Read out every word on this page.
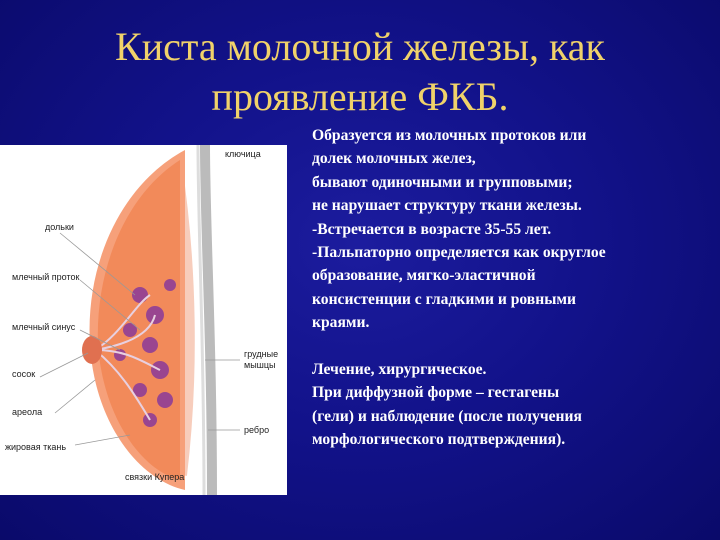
Киста молочной железы, как
проявление ФКБ.
ключица
дольки
млечный проток
млечный синус
сосок
ареола
жировая ткань
связки Купера
грудные
мышцы
ребро
Образуется из молочных протоков или
долек молочных желез,
бывают одиночными и групповыми;
не нарушает структуру ткани железы.
-Встречается в возрасте 35-55 лет.
-Пальпаторно определяется как округлое
образование, мягко-эластичной
консистенции с гладкими и ровными
краями.
Лечение, хирургическое.
При диффузной форме – гестагены
(гели) и наблюдение (после получения
морфологического подтверждения).
